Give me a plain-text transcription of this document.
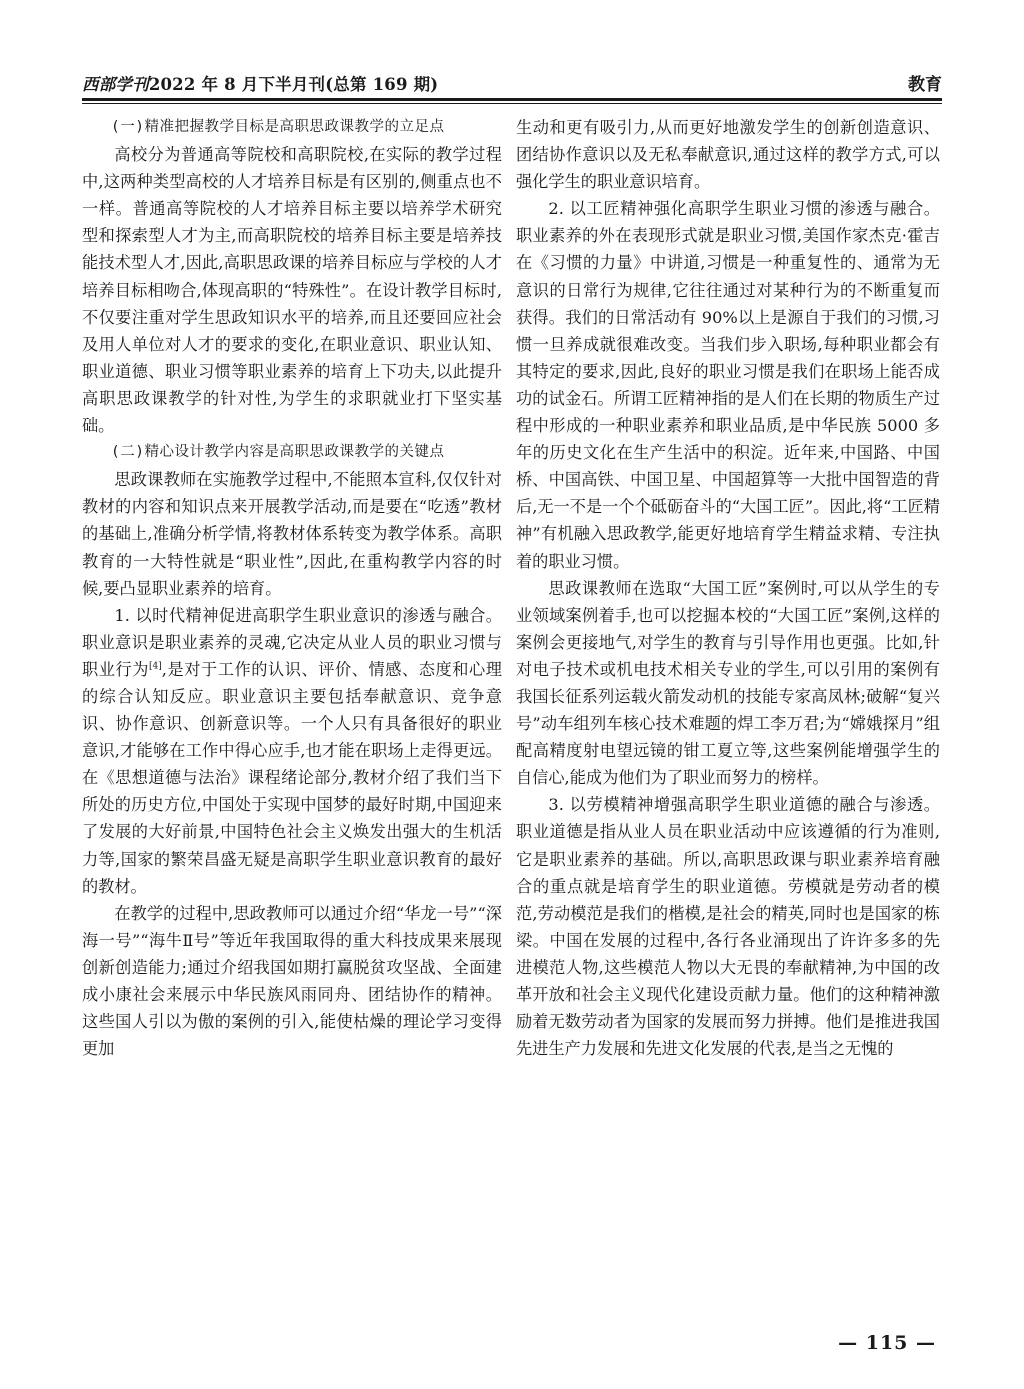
西部学刊2022 年 8 月下半月刊(总第 169 期)	教育

(一)精准把握教学目标是高职思政课教学的立足点

高校分为普通高等院校和高职院校,在实际的教学过程中,这两种类型高校的人才培养目标是有区别的,侧重点也不一样。普通高等院校的人才培养目标主要以培养学术研究型和探索型人才为主,而高职院校的培养目标主要是培养技能技术型人才,因此,高职思政课的培养目标应与学校的人才培养目标相吻合,体现高职的“特殊性”。在设计教学目标时,不仅要注重对学生思政知识水平的培养,而且还要回应社会及用人单位对人才的要求的变化,在职业意识、职业认知、职业道德、职业习惯等职业素养的培育上下功夫,以此提升高职思政课教学的针对性,为学生的求职就业打下坚实基础。

(二)精心设计教学内容是高职思政课教学的关键点

思政课教师在实施教学过程中,不能照本宣科,仅仅针对教材的内容和知识点来开展教学活动,而是要在“吃透”教材的基础上,准确分析学情,将教材体系转变为教学体系。高职教育的一大特性就是“职业性”,因此,在重构教学内容的时候,要凸显职业素养的培育。

1. 以时代精神促进高职学生职业意识的渗透与融合。职业意识是职业素养的灵魂,它决定从业人员的职业习惯与职业行为[4],是对于工作的认识、评价、情感、态度和心理的综合认知反应。职业意识主要包括奉献意识、竞争意识、协作意识、创新意识等。一个人只有具备很好的职业意识,才能够在工作中得心应手,也才能在职场上走得更远。在《思想道德与法治》课程绪论部分,教材介绍了我们当下所处的历史方位,中国处于实现中国梦的最好时期,中国迎来了发展的大好前景,中国特色社会主义焕发出强大的生机活力等,国家的繁荣昌盛无疑是高职学生职业意识教育的最好的教材。

在教学的过程中,思政教师可以通过介绍“华龙一号”“深海一号”“海牛Ⅱ号”等近年我国取得的重大科技成果来展现创新创造能力;通过介绍我国如期打赢脱贫攻坚战、全面建成小康社会来展示中华民族风雨同舟、团结协作的精神。这些国人引以为傲的案例的引入,能使枯燥的理论学习变得更加

生动和更有吸引力,从而更好地激发学生的创新创造意识、团结协作意识以及无私奉献意识,通过这样的教学方式,可以强化学生的职业意识培育。

2. 以工匠精神强化高职学生职业习惯的渗透与融合。职业素养的外在表现形式就是职业习惯,美国作家杰克·霍吉在《习惯的力量》中讲道,习惯是一种重复性的、通常为无意识的日常行为规律,它往往通过对某种行为的不断重复而获得。我们的日常活动有 90%以上是源自于我们的习惯,习惯一旦养成就很难改变。当我们步入职场,每种职业都会有其特定的要求,因此,良好的职业习惯是我们在职场上能否成功的试金石。所谓工匠精神指的是人们在长期的物质生产过程中形成的一种职业素养和职业品质,是中华民族 5000 多年的历史文化在生产生活中的积淀。近年来,中国路、中国桥、中国高铁、中国卫星、中国超算等一大批中国智造的背后,无一不是一个个砥砺奋斗的“大国工匠”。因此,将“工匠精神”有机融入思政教学,能更好地培育学生精益求精、专注执着的职业习惯。

思政课教师在选取“大国工匠”案例时,可以从学生的专业领域案例着手,也可以挖掘本校的“大国工匠”案例,这样的案例会更接地气,对学生的教育与引导作用也更强。比如,针对电子技术或机电技术相关专业的学生,可以引用的案例有我国长征系列运载火箭发动机的技能专家高凤林;破解“复兴号”动车组列车核心技术难题的焊工李万君;为“嫦娥探月”组配高精度射电望远镜的钳工夏立等,这些案例能增强学生的自信心,能成为他们为了职业而努力的榜样。

3. 以劳模精神增强高职学生职业道德的融合与渗透。职业道德是指从业人员在职业活动中应该遵循的行为准则,它是职业素养的基础。所以,高职思政课与职业素养培育融合的重点就是培育学生的职业道德。劳模就是劳动者的模范,劳动模范是我们的楷模,是社会的精英,同时也是国家的栋梁。中国在发展的过程中,各行各业涌现出了许许多多的先进模范人物,这些模范人物以大无畏的奉献精神,为中国的改革开放和社会主义现代化建设贡献力量。他们的这种精神激励着无数劳动者为国家的发展而努力拼搏。他们是推进我国先进生产力发展和先进文化发展的代表,是当之无愧的

— 115 —
